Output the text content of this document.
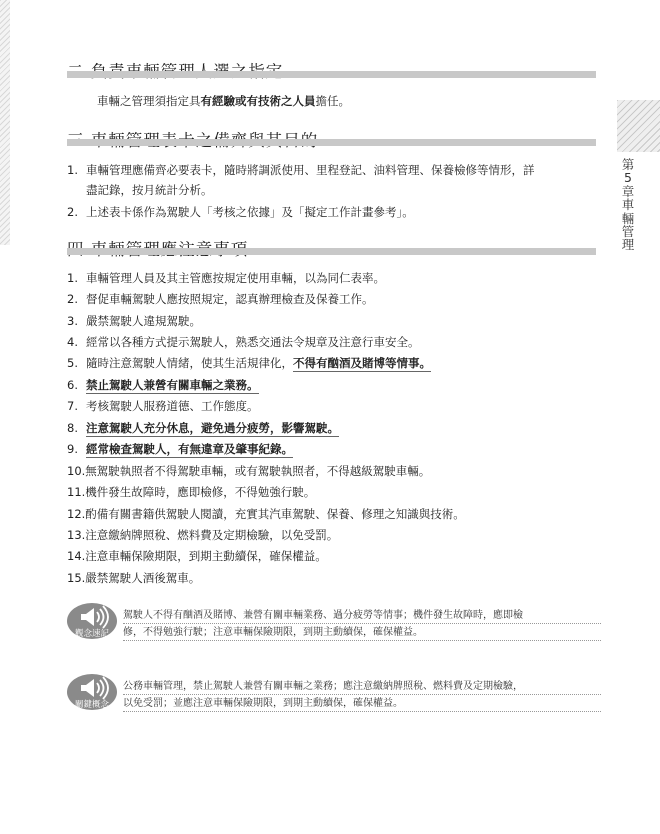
第5章 車輛管理
車輛之管理須指定具有經驗或有技術之人員擔任。
1. 車輛管理應備齊必要表卡，隨時將調派使用、里程登記、油料管理、保養檢修等情形，詳
盡記錄，按月統計分析。
2. 上述表卡係作為駕駛人「考核之依據」及「擬定工作計畫參考」。
1. 車輛管理人員及其主管應按規定使用車輛，以為同仁表率。
2. 督促車輛駕駛人應按照規定，認真辦理檢查及保養工作。
3. 嚴禁駕駛人違規駕駛。
4. 經常以各種方式提示駕駛人，熟悉交通法令規章及注意行車安全。
5. 隨時注意駕駛人情緒，使其生活規律化，不得有酗酒及賭博等情事。
6. 禁止駕駛人兼營有關車輛之業務。
7. 考核駕駛人服務道德、工作態度。
8. 注意駕駛人充分休息，避免過分疲勞，影響駕駛。
9. 經常檢查駕駛人，有無違章及肇事紀錄。
10.無駕駛執照者不得駕駛車輛，或有駕駛執照者，不得越級駕駛車輛。
11.機件發生故障時，應即檢修，不得勉強行駛。
12.酌備有關書籍供駕駛人閱讀，充實其汽車駕駛、保養、修理之知識與技術。
13.注意繳納牌照稅、燃料費及定期檢驗，以免受罰。
14.注意車輛保險期限，到期主動續保，確保權益。
15.嚴禁駕駛人酒後駕車。
觀念速記
駕駛人不得有酗酒及賭博、兼營有關車輛業務、過分疲勞等情事；機件發生故障時，應即檢
修，不得勉強行駛；注意車輛保險期限，到期主動續保，確保權益。
關鍵概念
公務車輛管理，禁止駕駛人兼營有關車輛之業務；應注意繳納牌照稅、燃料費及定期檢驗，
以免受罰；並應注意車輛保險期限，到期主動續保，確保權益。
